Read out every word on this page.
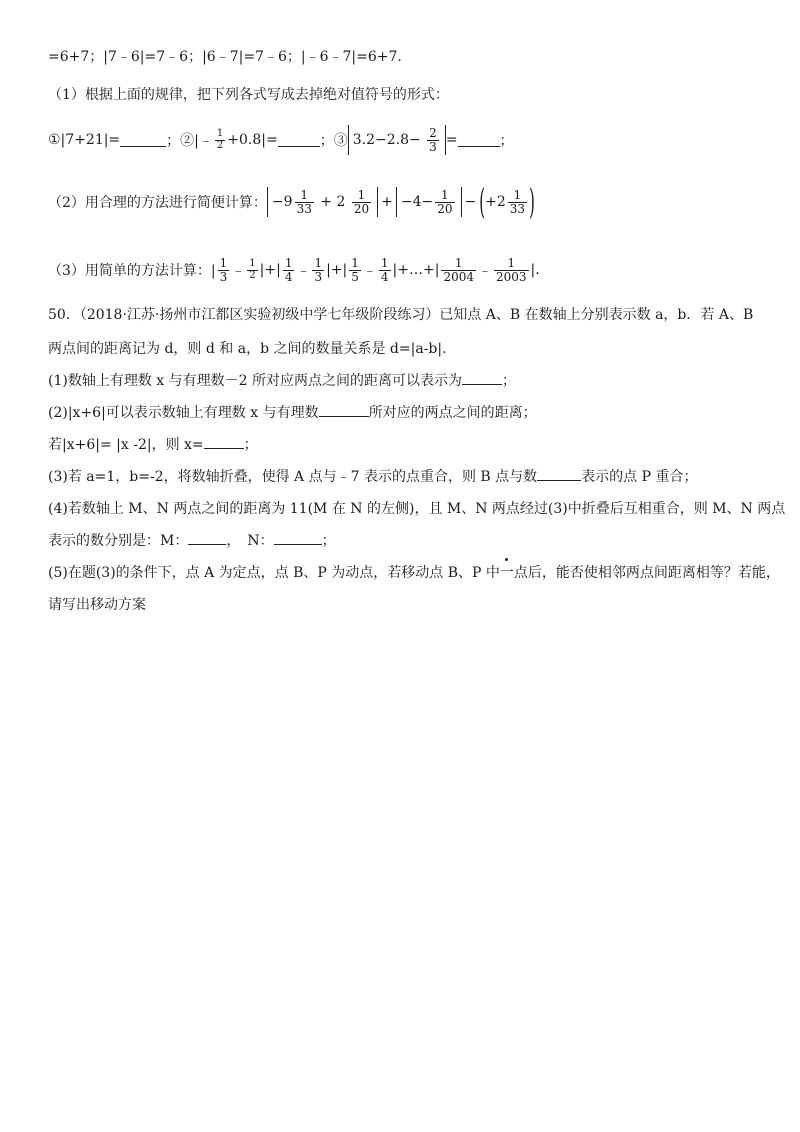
=6+7；|7﹣6|=7﹣6；|6﹣7|=7﹣6；|﹣6﹣7|=6+7.
（1）根据上面的规律，把下列各式写成去掉绝对值符号的形式：
①|7+21|=	；②| ﹣ $\frac{1}{2} +0.8|=$	；③ $3.2-2.8- \frac{2}{3}$ =	；
（2）用合理的方法进行简便计算： $-9 \frac{1}{33} + 2 \frac{1}{20} + -4- \frac{1}{20}$ − ( $+2 \frac{1}{33}$ )
（3）用简单的方法计算：| $\frac{1}{3}$ ﹣ $\frac{1}{2}$ |+| $\frac{1}{4}$ ﹣ $\frac{1}{3}$ |+| $\frac{1}{5}$ ﹣ $\frac{1}{4}$ |+…+| $\frac{1}{2004}$ ﹣ $\frac{1}{2003}$ |.
50．（2018·江苏·扬州市江都区实验初级中学七年级阶段练习）已知点 A、B 在数轴上分别表示数 a，b．若 A、B
两点间的距离记为 d，则 d 和 a，b 之间的数量关系是 d=|a-b|.
(1)数轴上有理数 x 与有理数－2 所对应两点之间的距离可以表示为	；
(2)|x+6|可以表示数轴上有理数 x 与有理数	所对应的两点之间的距离；
若|x+6|= |x -2|，则 x=	；
(3)若 a=1，b=-2，将数轴折叠，使得 A 点与﹣7 表示的点重合，则 B 点与数	表示的点 P 重合；
(4)若数轴上 M、N 两点之间的距离为 11(M 在 N 的左侧)，且 M、N 两点经过(3)中折叠后互相重合，则 M、N 两点
表示的数分别是：M：	，　N：	；
(5)在题(3)的条件下，点 A 为定点，点 B、P 为动点，若移动点 B、P 中一点后，能否使相邻两点间距离相等？若能，
请写出移动方案
